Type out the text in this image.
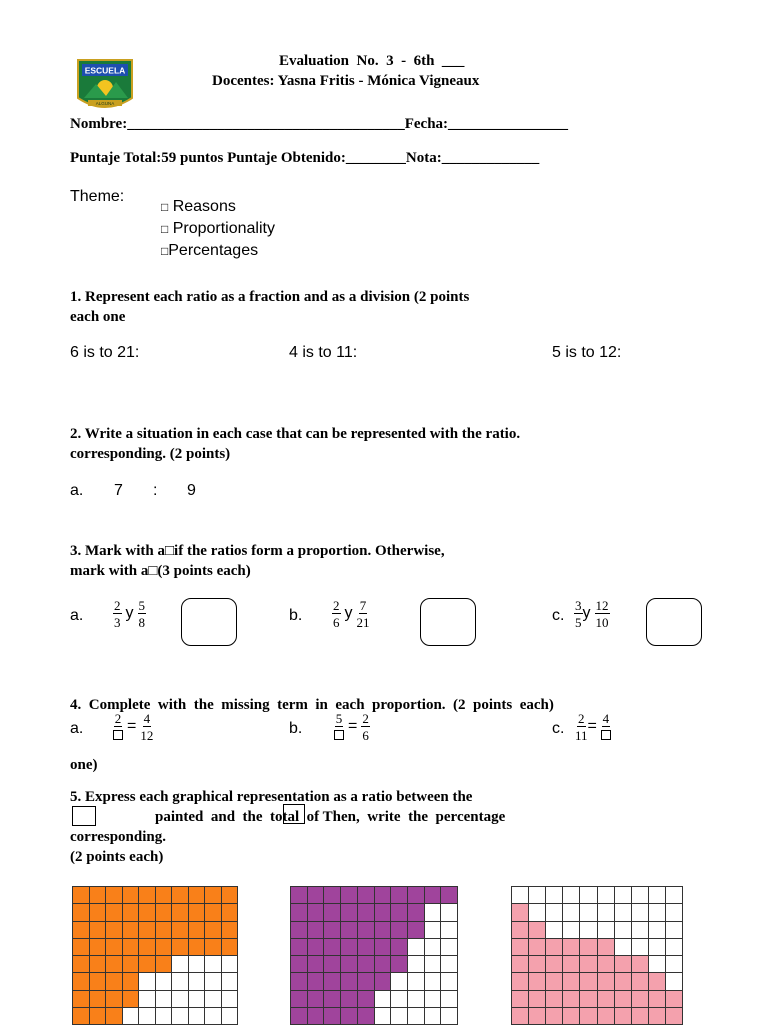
ESCUELA
ALGUNA
Evaluation  No.  3  -  6th  ___
Docentes: Yasna Fritis - Mónica Vigneaux
Nombre:_____________________________________Fecha:________________
Puntaje Total:59 puntos Puntaje Obtenido:________Nota:_____________
Theme:
□ Reasons
□ Proportionality
□Percentages
1. Represent each ratio as a fraction and as a division (2 points
each one
6 is to 21:	4 is to 11:	5 is to 12:
2. Write a situation in each case that can be represented with the ratio.
corresponding. (2 points)
a. 7 : 9
3. Mark with a□if the ratios form a proportion. Otherwise,
mark with a□(3 points each)
a. $\frac{2}{3}$ y $\frac{5}{8}$	b. $\frac{2}{6}$ y $\frac{7}{21}$	c. $\frac{3}{5}$ y $\frac{12}{10}$

4.  Complete  with  the  missing  term  in  each  proportion.  (2  points  each)

one)

a.
$2 = \frac{4}{12}$	b.
$5 = \frac{2}{6}$	c. $\frac{2}{11} = 4$
5. Express each graphical representation as a ratio between the
painted  and  the  total  of Then,  write  the  percentage
corresponding.
(2 points each)
